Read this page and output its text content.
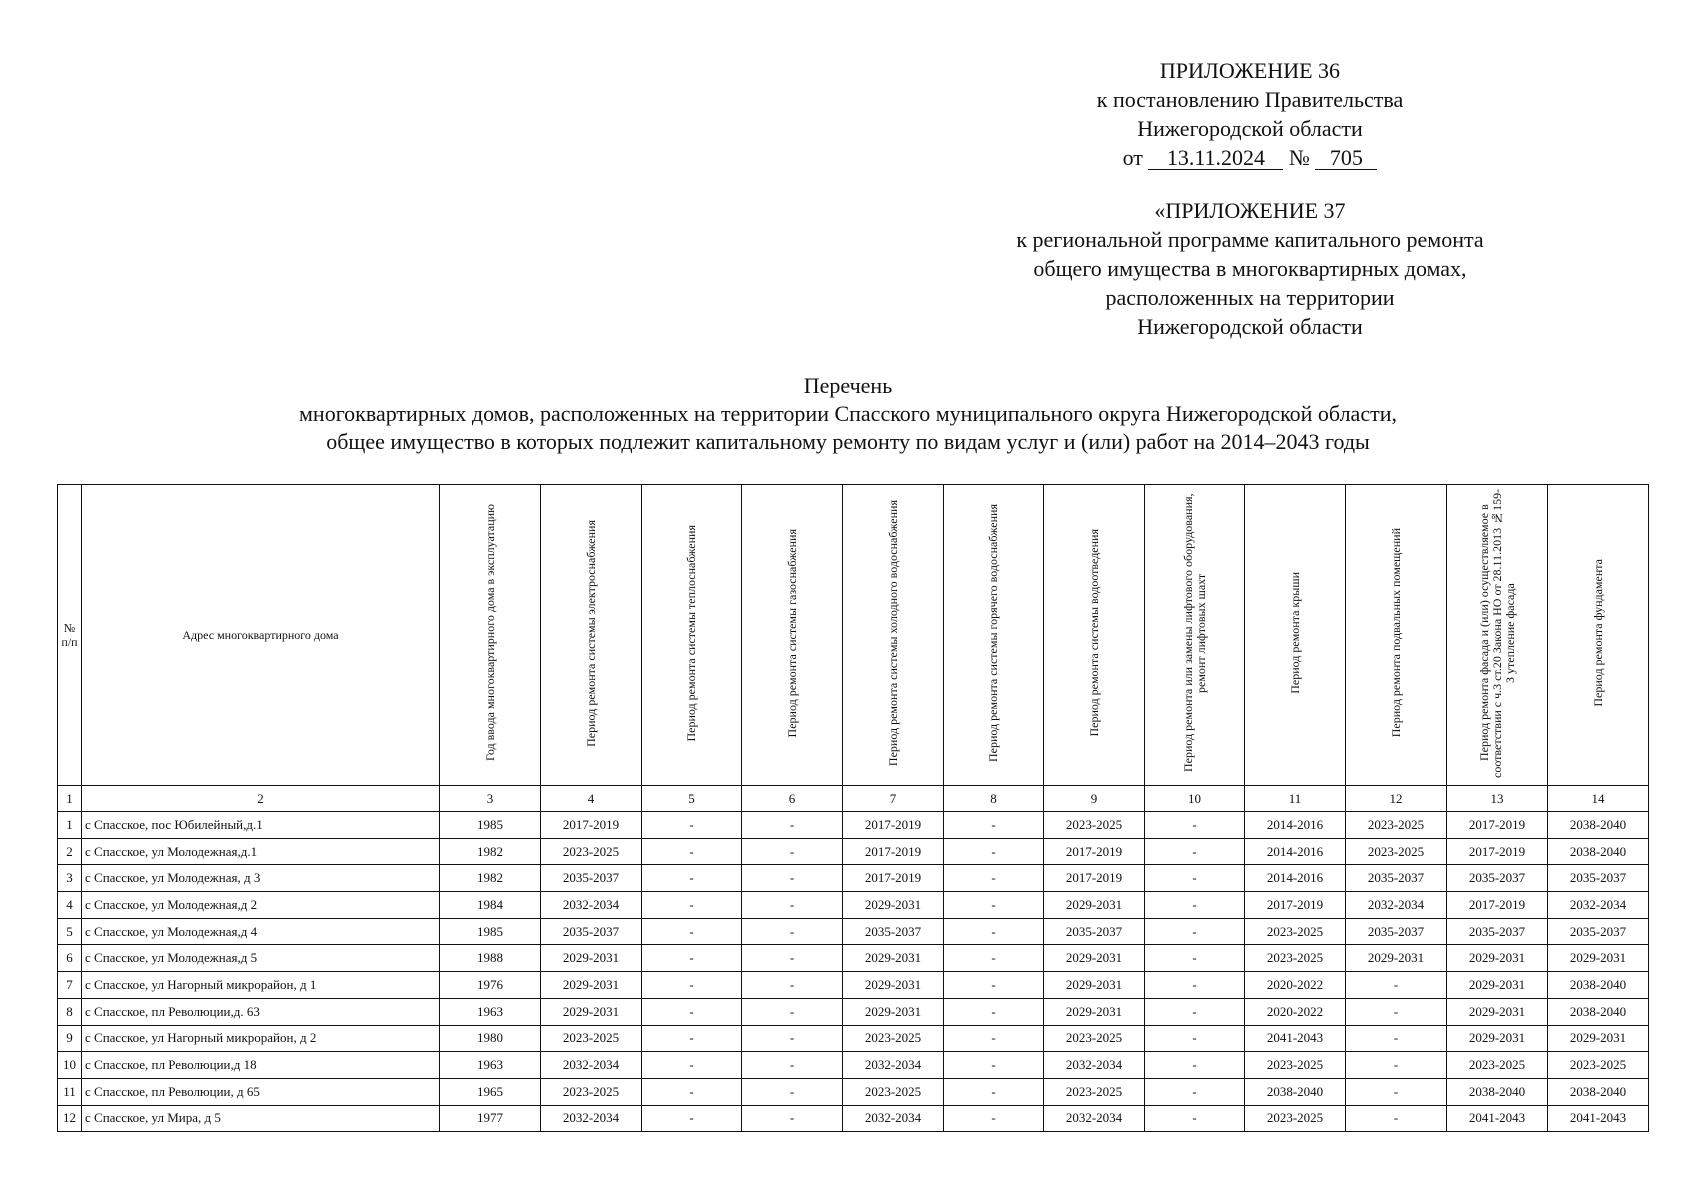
ПРИЛОЖЕНИЕ 36
к постановлению Правительства
Нижегородской области
от 13.11.2024 № 705
«ПРИЛОЖЕНИЕ 37
к региональной программе капитального ремонта
общего имущества в многоквартирных домах,
расположенных на территории
Нижегородской области
Перечень
многоквартирных домов, расположенных на территории Спасского муниципального округа Нижегородской области,
общее имущество в которых подлежит капитальному ремонту по видам услуг и (или) работ на 2014–2043 годы
№ п/п	Адрес многоквартирного дома	Год ввода многоквартирного дома в эксплуатацию	Период ремонта системы электроснабжения	Период ремонта системы теплоснабжения	Период ремонта системы газоснабжения	Период ремонта системы холодного водоснабжения	Период ремонта системы горячего водоснабжения	Период ремонта системы водоотведения	Период ремонта или замены лифтового оборудования, ремонт лифтовых шахт	Период ремонта крыши	Период ремонта подвальных помещений	Период ремонта фасада и (или) осуществляемое в соответствии с ч.3 ст.20 Закона НО от 28.11.2013 №159-З утепление фасада	Период ремонта фундамента
1	2	3	4	5	6	7	8	9	10	11	12	13	14
1	с Спасское, пос Юбилейный,д.1	1985	2017-2019	-	-	2017-2019	-	2023-2025	-	2014-2016	2023-2025	2017-2019	2038-2040
2	с Спасское, ул Молодежная,д.1	1982	2023-2025	-	-	2017-2019	-	2017-2019	-	2014-2016	2023-2025	2017-2019	2038-2040
3	с Спасское, ул Молодежная, д 3	1982	2035-2037	-	-	2017-2019	-	2017-2019	-	2014-2016	2035-2037	2035-2037	2035-2037
4	с Спасское, ул Молодежная,д 2	1984	2032-2034	-	-	2029-2031	-	2029-2031	-	2017-2019	2032-2034	2017-2019	2032-2034
5	с Спасское, ул Молодежная,д 4	1985	2035-2037	-	-	2035-2037	-	2035-2037	-	2023-2025	2035-2037	2035-2037	2035-2037
6	с Спасское, ул Молодежная,д 5	1988	2029-2031	-	-	2029-2031	-	2029-2031	-	2023-2025	2029-2031	2029-2031	2029-2031
7	с Спасское, ул Нагорный микрорайон, д 1	1976	2029-2031	-	-	2029-2031	-	2029-2031	-	2020-2022	-	2029-2031	2038-2040
8	с Спасское, пл Революции,д. 63	1963	2029-2031	-	-	2029-2031	-	2029-2031	-	2020-2022	-	2029-2031	2038-2040
9	с Спасское, ул Нагорный микрорайон, д 2	1980	2023-2025	-	-	2023-2025	-	2023-2025	-	2041-2043	-	2029-2031	2029-2031
10	с Спасское, пл Революции,д 18	1963	2032-2034	-	-	2032-2034	-	2032-2034	-	2023-2025	-	2023-2025	2023-2025
11	с Спасское, пл Революции, д 65	1965	2023-2025	-	-	2023-2025	-	2023-2025	-	2038-2040	-	2038-2040	2038-2040
12	с Спасское, ул Мира, д 5	1977	2032-2034	-	-	2032-2034	-	2032-2034	-	2023-2025	-	2041-2043	2041-2043
